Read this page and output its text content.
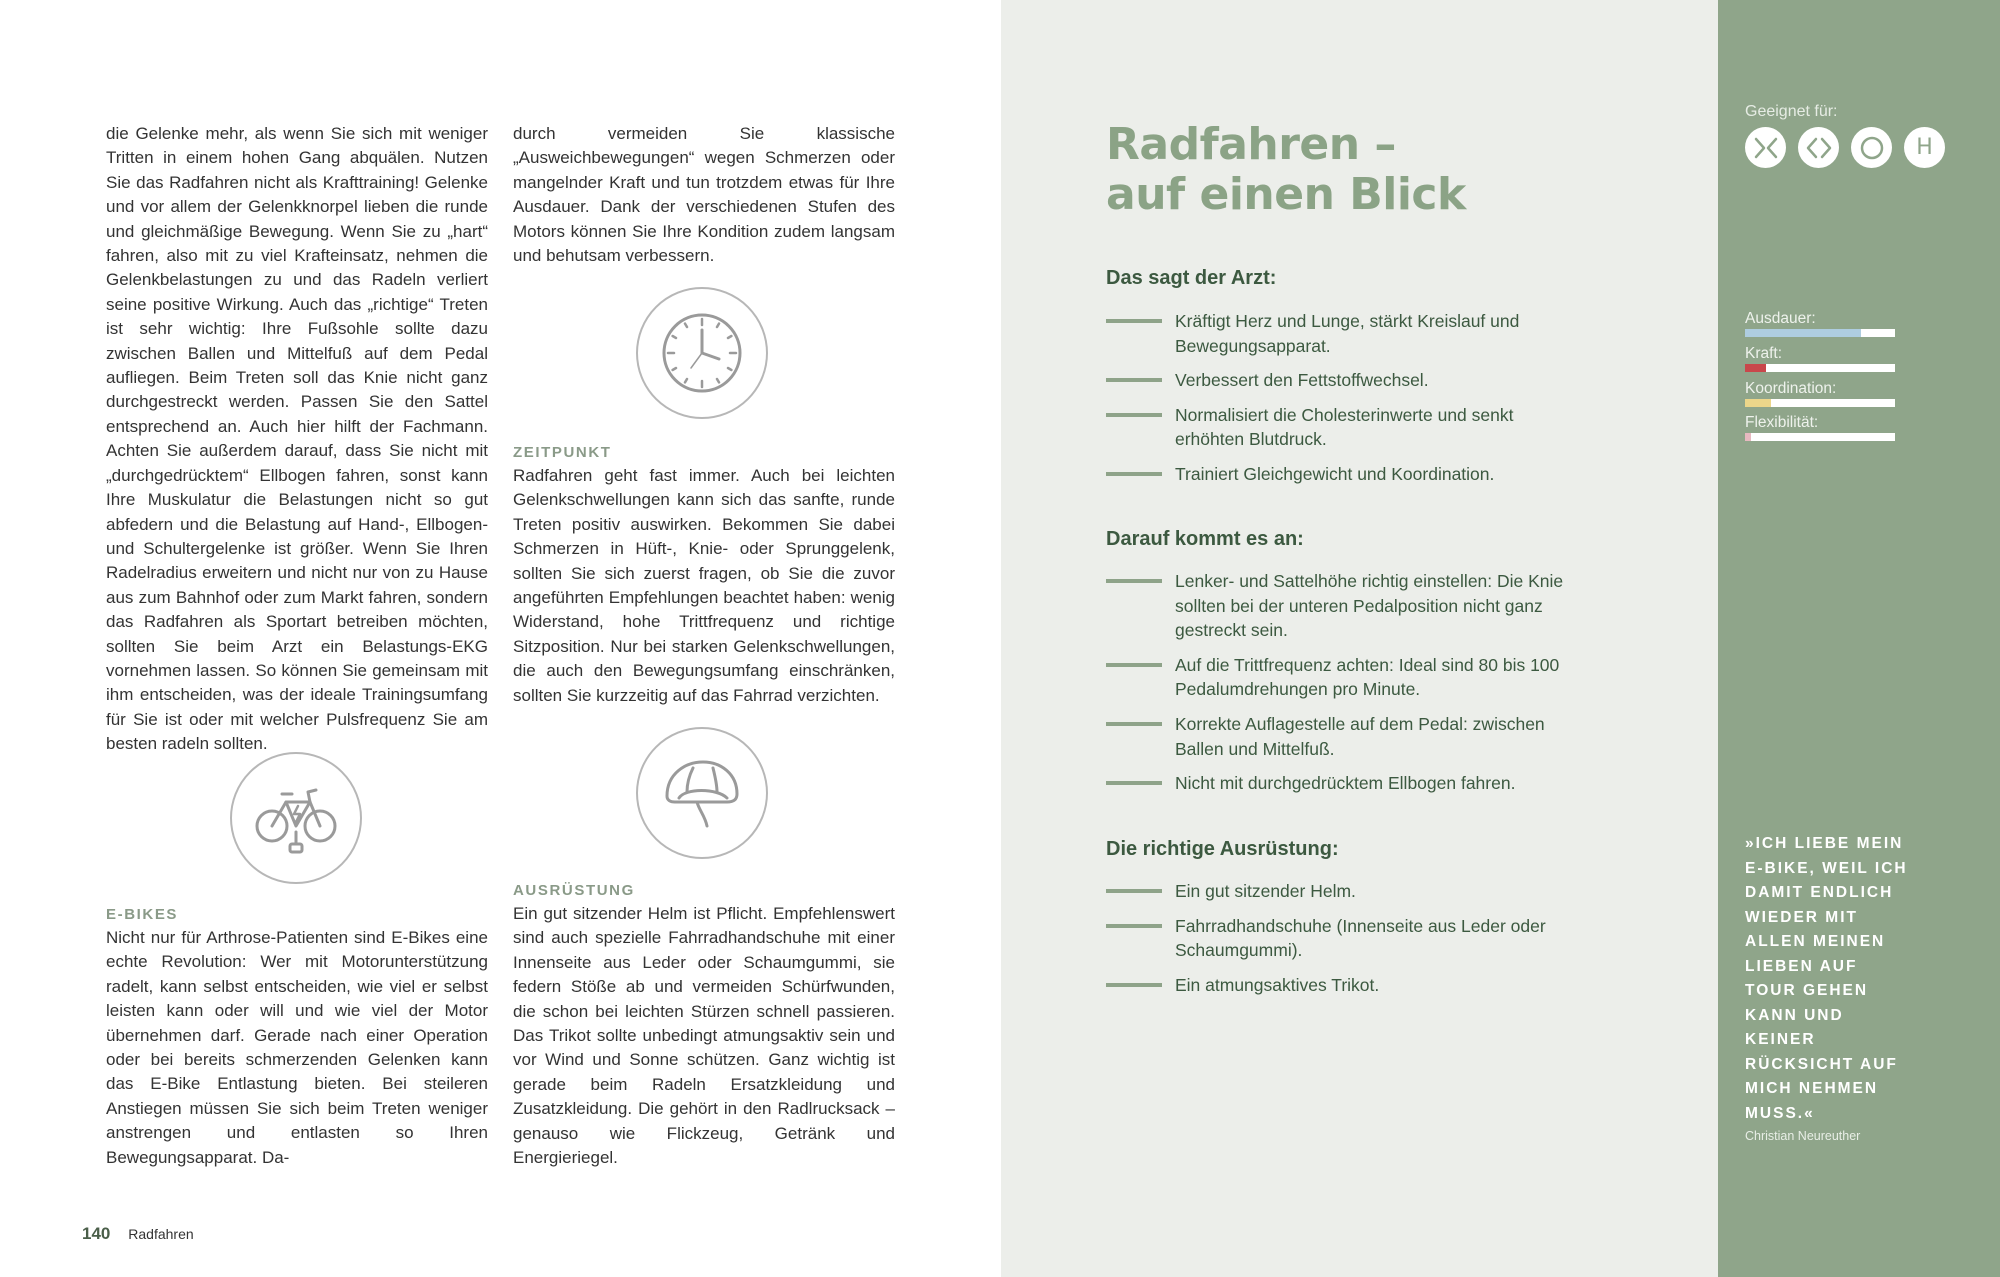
die Gelenke mehr, als wenn Sie sich mit weniger Tritten in einem hohen Gang abquälen. Nutzen Sie das Radfahren nicht als Krafttraining! Gelenke und vor allem der Gelenkknorpel lieben die runde und gleichmäßige Bewegung. Wenn Sie zu „hart“ fahren, also mit zu viel Krafteinsatz, nehmen die Gelenkbelastungen zu und das Radeln verliert seine positive Wirkung. Auch das „richtige“ Treten ist sehr wichtig: Ihre Fußsohle sollte dazu zwischen Ballen und Mittelfuß auf dem Pedal aufliegen. Beim Treten soll das Knie nicht ganz durchgestreckt werden. Passen Sie den Sattel entsprechend an. Auch hier hilft der Fachmann. Achten Sie außerdem darauf, dass Sie nicht mit „durchgedrücktem“ Ellbogen fahren, sonst kann Ihre Muskulatur die Belastungen nicht so gut abfedern und die Belastung auf Hand-, Ellbogen- und Schultergelenke ist größer. Wenn Sie Ihren Radelradius erweitern und nicht nur von zu Hause aus zum Bahnhof oder zum Markt fahren, sondern das Radfahren als Sportart betreiben möchten, sollten Sie beim Arzt ein Belastungs-EKG vornehmen lassen. So können Sie gemeinsam mit ihm entscheiden, was der ideale Trainingsumfang für Sie ist oder mit welcher Pulsfrequenz Sie am besten radeln sollten.

E-BIKES

Nicht nur für Arthrose-Patienten sind E-Bikes eine echte Revolution: Wer mit Motorunterstützung radelt, kann selbst entscheiden, wie viel er selbst leisten kann oder will und wie viel der Motor übernehmen darf. Gerade nach einer Operation oder bei bereits schmerzenden Gelenken kann das E-Bike Entlastung bieten. Bei steileren Anstiegen müssen Sie sich beim Treten weniger anstrengen und entlasten so Ihren Bewegungsapparat. Da-

durch vermeiden Sie klassische „Ausweichbewegungen“ wegen Schmerzen oder mangelnder Kraft und tun trotzdem etwas für Ihre Ausdauer. Dank der verschiedenen Stufen des Motors können Sie Ihre Kondition zudem langsam und behutsam verbessern.

ZEITPUNKT

Radfahren geht fast immer. Auch bei leichten Gelenkschwellungen kann sich das sanfte, runde Treten positiv auswirken. Bekommen Sie dabei Schmerzen in Hüft-, Knie- oder Sprunggelenk, sollten Sie sich zuerst fragen, ob Sie die zuvor angeführten Empfehlungen beachtet haben: wenig Widerstand, hohe Trittfrequenz und richtige Sitzposition. Nur bei starken Gelenkschwellungen, die auch den Bewegungsumfang einschränken, sollten Sie kurzzeitig auf das Fahrrad verzichten.

AUSRÜSTUNG

Ein gut sitzender Helm ist Pflicht. Empfehlenswert sind auch spezielle Fahrradhandschuhe mit einer Innenseite aus Leder oder Schaumgummi, sie federn Stöße ab und vermeiden Schürfwunden, die schon bei leichten Stürzen schnell passieren. Das Trikot sollte unbedingt atmungsaktiv sein und vor Wind und Sonne schützen. Ganz wichtig ist gerade beim Radeln Ersatzkleidung und Zusatzkleidung. Die gehört in den Radlrucksack – genauso wie Flickzeug, Getränk und Energieriegel.

140 Radfahren
Radfahren –
auf einen Blick
Das sagt der Arzt:
Kräftigt Herz und Lunge, stärkt Kreislauf und Bewegungsapparat.
Verbessert den Fettstoffwechsel.
Normalisiert die Cholesterinwerte und senkt erhöhten Blutdruck.
Trainiert Gleichgewicht und Koordination.
Darauf kommt es an:
Lenker- und Sattelhöhe richtig einstellen: Die Knie sollten bei der unteren Pedalposition nicht ganz gestreckt sein.
Auf die Trittfrequenz achten: Ideal sind 80 bis 100 Pedalumdrehungen pro Minute.
Korrekte Auflagestelle auf dem Pedal: zwischen Ballen und Mittelfuß.
Nicht mit durchgedrücktem Ellbogen fahren.
Die richtige Ausrüstung:
Ein gut sitzender Helm.
Fahrradhandschuhe (Innenseite aus Leder oder Schaumgummi).
Ein atmungsaktives Trikot.
Geeignet für:
H
Ausdauer:
Kraft:
Koordination:
Flexibilität:
»ICH LIEBE MEIN E-BIKE, WEIL ICH DAMIT ENDLICH WIEDER MIT ALLEN MEINEN LIEBEN AUF TOUR GEHEN KANN UND KEINER RÜCKSICHT AUF MICH NEHMEN MUSS.«
Christian Neureuther
